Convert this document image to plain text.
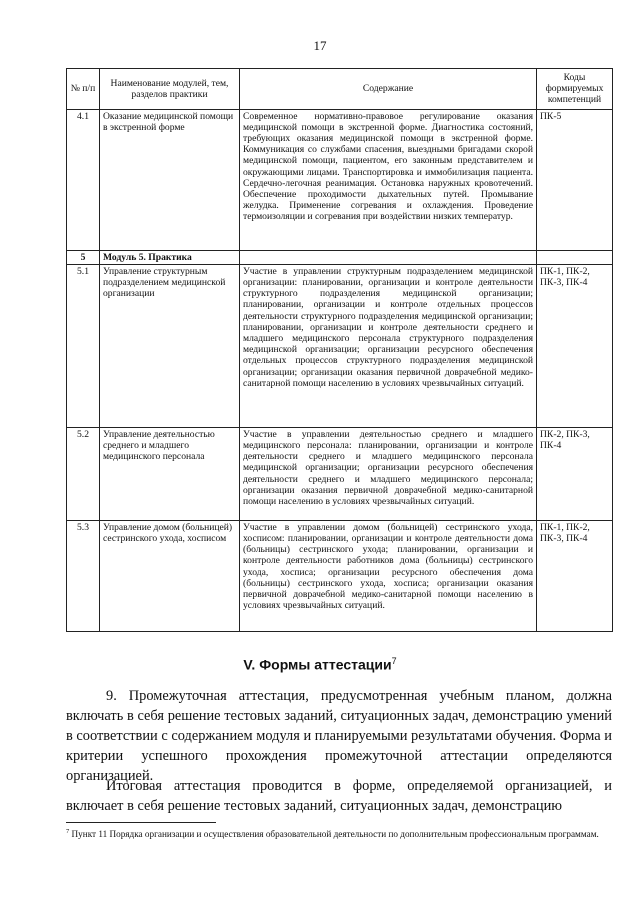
17
№ п/п	Наименование модулей, тем, разделов практики	Содержание	Коды формируемых компетенций
4.1	Оказание медицинской помощи в экстренной форме	Современное нормативно-правовое регулирование оказания медицинской помощи в экстренной форме. Диагностика состояний, требующих оказания медицинской помощи в экстренной форме. Коммуникация со службами спасения, выездными бригадами скорой медицинской помощи, пациентом, его законным представителем и окружающими лицами. Транспортировка и иммобилизация пациента. Сердечно-легочная реанимация. Остановка наружных кровотечений. Обеспечение проходимости дыхательных путей. Промывание желудка. Применение согревания и охлаждения. Проведение термоизоляции и согревания при воздействии низких температур.	ПК-5
5	Модуль 5. Практика		
5.1	Управление структурным подразделением медицинской организации	Участие в управлении структурным подразделением медицинской организации: планировании, организации и контроле деятельности структурного подразделения медицинской организации; планировании, организации и контроле отдельных процессов деятельности структурного подразделения медицинской организации; планировании, организации и контроле деятельности среднего и младшего медицинского персонала структурного подразделения медицинской организации; организации ресурсного обеспечения отдельных процессов структурного подразделения медицинской организации; организации оказания первичной доврачебной медико-санитарной помощи населению в условиях чрезвычайных ситуаций.	ПК-1, ПК-2, ПК-3, ПК-4
5.2	Управление деятельностью среднего и младшего медицинского персонала	Участие в управлении деятельностью среднего и младшего медицинского персонала: планировании, организации и контроле деятельности среднего и младшего медицинского персонала медицинской организации; организации ресурсного обеспечения деятельности среднего и младшего медицинского персонала; организации оказания первичной доврачебной медико-санитарной помощи населению в условиях чрезвычайных ситуаций.	ПК-2, ПК-3, ПК-4
5.3	Управление домом (больницей) сестринского ухода, хосписом	Участие в управлении домом (больницей) сестринского ухода, хосписом: планировании, организации и контроле деятельности дома (больницы) сестринского ухода; планировании, организации и контроле деятельности работников дома (больницы) сестринского ухода, хосписа; организации ресурсного обеспечения дома (больницы) сестринского ухода, хосписа; организации оказания первичной доврачебной медико-санитарной помощи населению в условиях чрезвычайных ситуаций.	ПК-1, ПК-2, ПК-3, ПК-4
V. Формы аттестации$^7$
9. Промежуточная аттестация, предусмотренная учебным планом, должна включать в себя решение тестовых заданий, ситуационных задач, демонстрацию умений в соответствии с содержанием модуля и планируемыми результатами обучения. Форма и критерии успешного прохождения промежуточной аттестации определяются организацией.
Итоговая аттестация проводится в форме, определяемой организацией, и включает в себя решение тестовых заданий, ситуационных задач, демонстрацию
$^7$ Пункт 11 Порядка организации и осуществления образовательной деятельности по дополнительным профессиональным программам.
